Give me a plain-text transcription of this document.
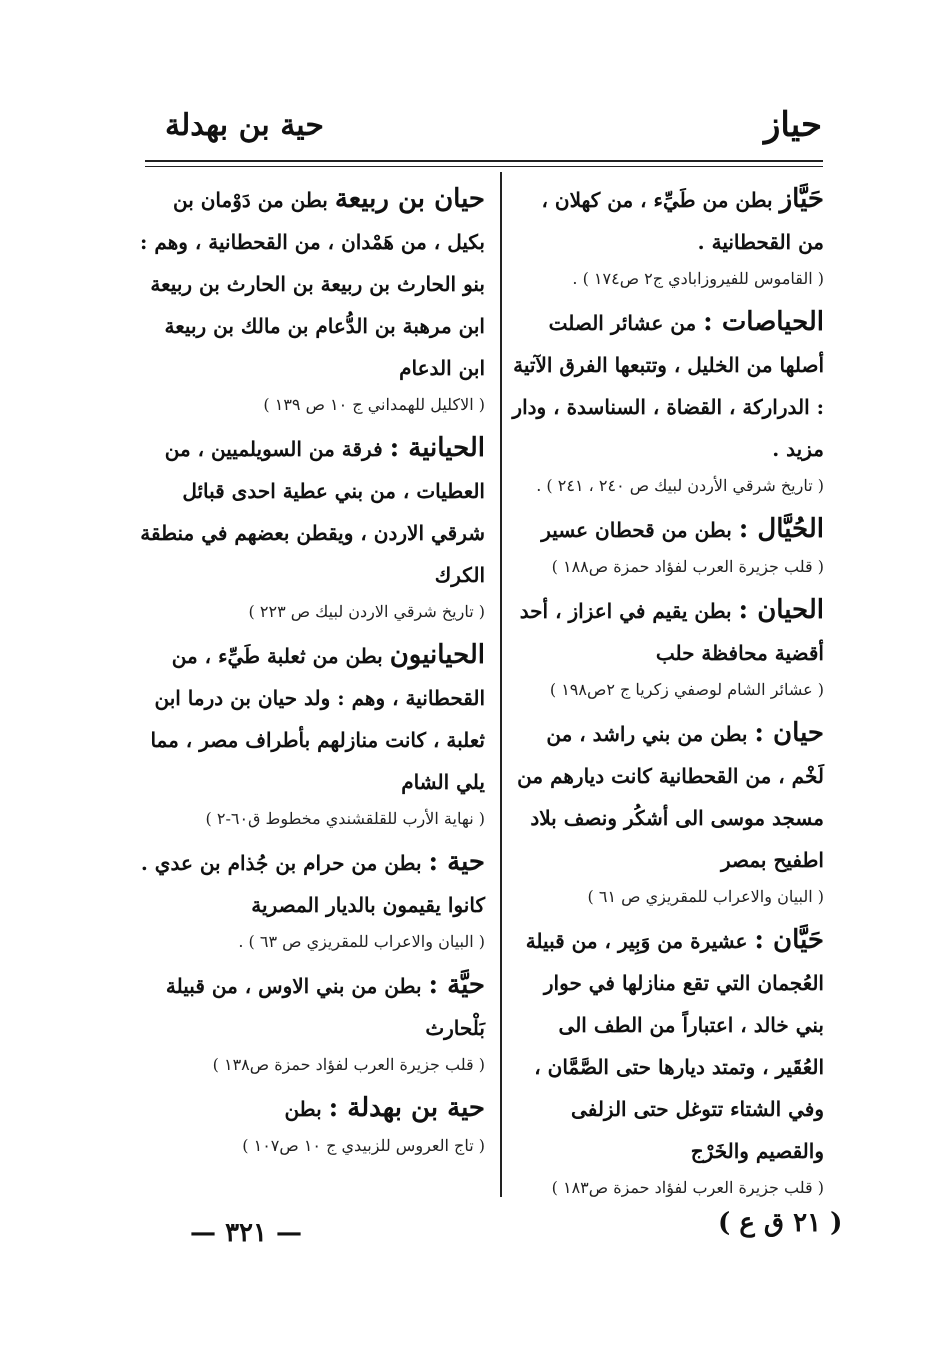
حياز
حية بن بهدلة
حَيَّاز بطن من طَيِّء ، من كهلان ، من القحطانية .
( القاموس للفيروزابادي ج٢ ص١٧٤ ) .
الحياصات : من عشائر الصلت أصلها من الخليل ، وتتبعها الفرق الآتية : الدراركة ، القضاة ، السناسدة ، ودار مزيد .
( تاريخ شرقي الأردن لبيك ص ٢٤٠ ، ٢٤١ ) .
الحُيَّال : بطن من قحطان عسير
( قلب جزيرة العرب لفؤاد حمزة ص١٨٨ )
الحيان : بطن يقيم في اعزاز ، أحد أقضية محافظة حلب
( عشائر الشام لوصفي زكريا ج ٢ص١٩٨ )
حيان : بطن من بني راشد ، من لَخْم ، من القحطانية كانت ديارهم من مسجد موسى الى أشكُر ونصف بلاد اطفيح بمصر
( البيان والاعراب للمقريزي ص ٦١ )
حَيَّان : عشيرة من وَبِير ، من قبيلة العُجمان التي تقع منازلها في حوار بني خالد ، اعتباراً من الطف الى العُقَير ، وتمتد ديارها حتى الصَّمَّان ، وفي الشتاء تتوغل حتى الزلفى والقصيم والخَرْج
( قلب جزيرة العرب لفؤاد حمزة ص١٨٣ )
حيان بن ربيعة بطن من دَوْمان بن بكيل ، من هَمْدان ، من القحطانية ، وهم : بنو الحارث بن ربيعة بن الحارث بن ربيعة ابن مرهبة بن الدُّعام بن مالك بن ربيعة ابن الدعام
( الاكليل للهمداني ج ١٠ ص ١٣٩ )
الحيانية : فرقة من السويلميين ، من العطيات ، من بني عطية احدى قبائل شرقي الاردن ، ويقطن بعضهم في منطقة الكرك
( تاريخ شرقي الاردن لبيك ص ٢٢٣ )
الحيانيون بطن من ثعلبة طَيِّء ، من القحطانية ، وهم : ولد حيان بن درما ابن ثعلبة ، كانت منازلهم بأطراف مصر ، مما يلي الشام
( نهاية الأرب للقلقشندي مخطوط ق٦٠-٢ )
حية : بطن من حرام بن جُذام بن عدي . كانوا يقيمون بالديار المصرية
( البيان والاعراب للمقريزي ص ٦٣ ) .
حيَّة : بطن من بني الاوس ، من قبيلة بَلْحارث
( قلب جزيرة العرب لفؤاد حمزة ص١٣٨ )
حية بن بهدلة : بطن
( تاج العروس للزبيدي ج ١٠ ص١٠٧ )
— ٣٢١ —	( ٢١ ق ع )
